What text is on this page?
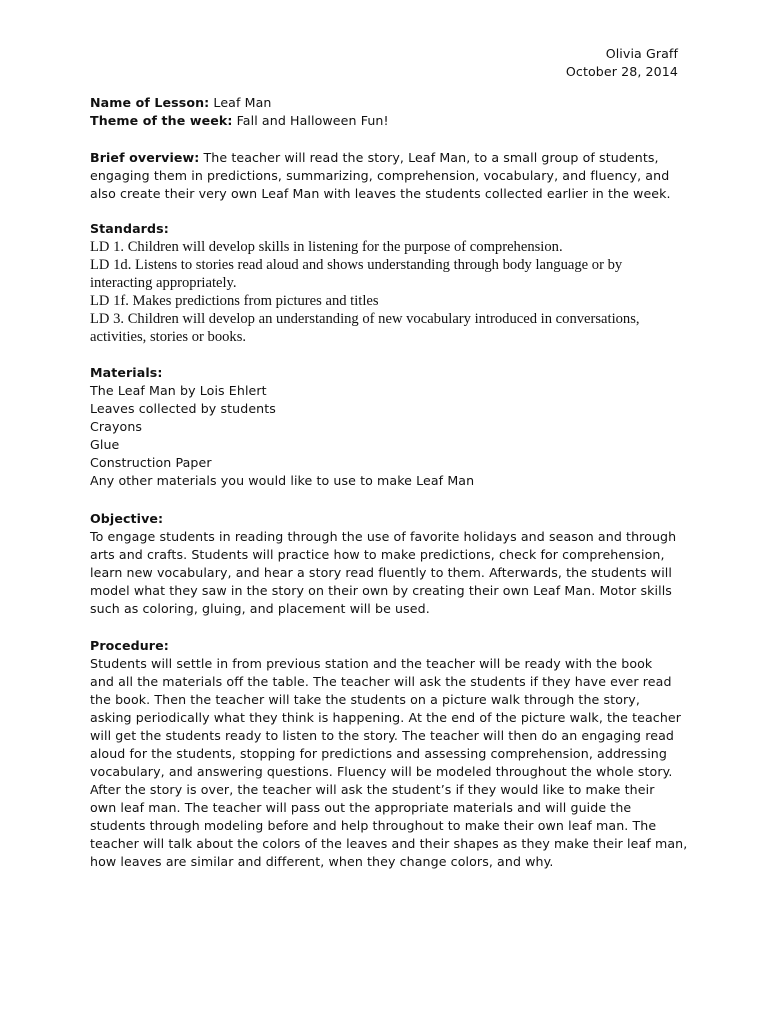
Olivia Graff
October 28, 2014
Name of Lesson: Leaf Man
Theme of the week: Fall and Halloween Fun!
Brief overview: The teacher will read the story, Leaf Man, to a small group of students,
engaging them in predictions, summarizing, comprehension, vocabulary, and fluency, and
also create their very own Leaf Man with leaves the students collected earlier in the week.
Standards:
LD 1. Children will develop skills in listening for the purpose of comprehension.
LD 1d. Listens to stories read aloud and shows understanding through body language or by
interacting appropriately.
LD 1f. Makes predictions from pictures and titles
LD 3. Children will develop an understanding of new vocabulary introduced in conversations,
activities, stories or books.
Materials:
The Leaf Man by Lois Ehlert
Leaves collected by students
Crayons
Glue
Construction Paper
Any other materials you would like to use to make Leaf Man
Objective:
To engage students in reading through the use of favorite holidays and season and through
arts and crafts. Students will practice how to make predictions, check for comprehension,
learn new vocabulary, and hear a story read fluently to them. Afterwards, the students will
model what they saw in the story on their own by creating their own Leaf Man. Motor skills
such as coloring, gluing, and placement will be used.
Procedure:
Students will settle in from previous station and the teacher will be ready with the book
and all the materials off the table. The teacher will ask the students if they have ever read
the book. Then the teacher will take the students on a picture walk through the story,
asking periodically what they think is happening. At the end of the picture walk, the teacher
will get the students ready to listen to the story. The teacher will then do an engaging read
aloud for the students, stopping for predictions and assessing comprehension, addressing
vocabulary, and answering questions. Fluency will be modeled throughout the whole story.
After the story is over, the teacher will ask the student’s if they would like to make their
own leaf man. The teacher will pass out the appropriate materials and will guide the
students through modeling before and help throughout to make their own leaf man. The
teacher will talk about the colors of the leaves and their shapes as they make their leaf man,
how leaves are similar and different, when they change colors, and why.
